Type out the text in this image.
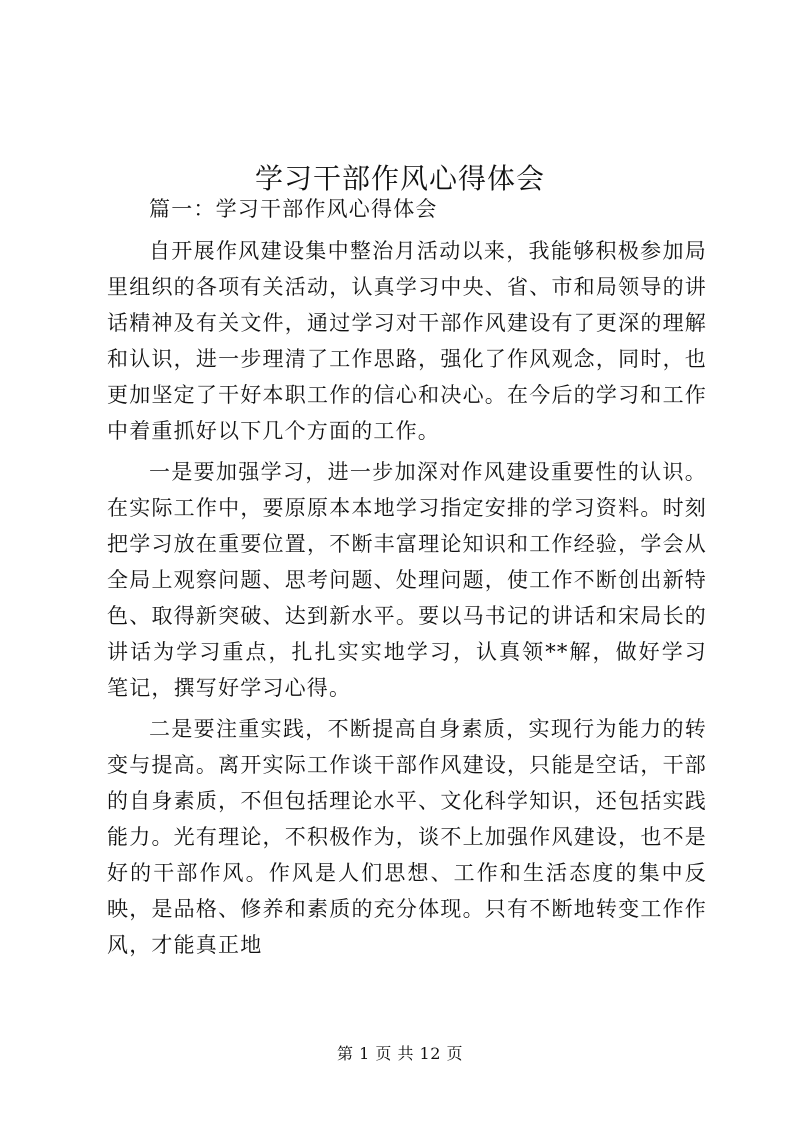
学习干部作风心得体会

篇一：学习干部作风心得体会

自开展作风建设集中整治月活动以来，我能够积极参加局里组织的各项有关活动，认真学习中央、省、市和局领导的讲话精神及有关文件，通过学习对干部作风建设有了更深的理解和认识，进一步理清了工作思路，强化了作风观念，同时，也更加坚定了干好本职工作的信心和决心。在今后的学习和工作中着重抓好以下几个方面的工作。

一是要加强学习，进一步加深对作风建设重要性的认识。在实际工作中，要原原本本地学习指定安排的学习资料。时刻把学习放在重要位置，不断丰富理论知识和工作经验，学会从全局上观察问题、思考问题、处理问题，使工作不断创出新特色、取得新突破、达到新水平。要以马书记的讲话和宋局长的讲话为学习重点，扎扎实实地学习，认真领**解，做好学习笔记，撰写好学习心得。

二是要注重实践，不断提高自身素质，实现行为能力的转变与提高。离开实际工作谈干部作风建设，只能是空话，干部的自身素质，不但包括理论水平、文化科学知识，还包括实践能力。光有理论，不积极作为，谈不上加强作风建设，也不是好的干部作风。作风是人们思想、工作和生活态度的集中反映，是品格、修养和素质的充分体现。只有不断地转变工作作风，才能真正地

第 1 页 共 12 页
